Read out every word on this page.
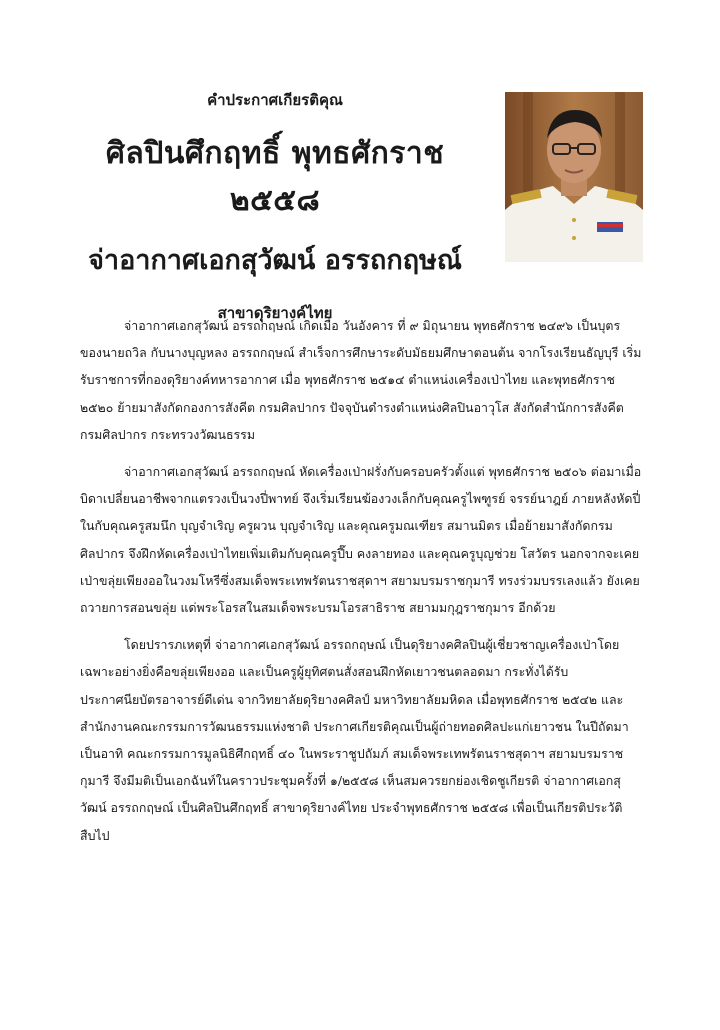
คำประกาศเกียรติคุณ

ศิลปินศึกฤทธิ์ พุทธศักราช ๒๕๕๘

จ่าอากาศเอกสุวัฒน์ อรรถกฤษณ์

สาขาดุริยางค์ไทย

จ่าอากาศเอกสุวัฒน์ อรรถกฤษณ์ เกิดเมื่อ วันอังคาร ที่ ๙ มิถุนายน พุทธศักราช ๒๔๙๖ เป็นบุตรของนายถวิล กับนางบุญหลง อรรถกฤษณ์ สำเร็จการศึกษาระดับมัธยมศึกษาตอนต้น จากโรงเรียนธัญบุรี เริ่มรับราชการที่กองดุริยางค์ทหารอากาศ เมื่อ พุทธศักราช ๒๕๑๔ ตำแหน่งเครื่องเป่าไทย และพุทธศักราช ๒๕๒๐ ย้ายมาสังกัดกองการสังคีต กรมศิลปากร ปัจจุบันดำรงตำแหน่งศิลปินอาวุโส สังกัดสำนักการสังคีต กรมศิลปากร กระทรวงวัฒนธรรม

จ่าอากาศเอกสุวัฒน์ อรรถกฤษณ์ หัดเครื่องเป่าฝรั่งกับครอบครัวตั้งแต่ พุทธศักราช ๒๕๐๖ ต่อมาเมื่อบิดาเปลี่ยนอาชีพจากแตรวงเป็นวงปี่พาทย์ จึงเริ่มเรียนฆ้องวงเล็กกับคุณครูไพฑูรย์ จรรย์นาฎย์ ภายหลังหัดปี่ในกับคุณครูสมนึก บุญจำเริญ ครูผวน บุญจำเริญ และคุณครูมณเฑียร สมานมิตร เมื่อย้ายมาสังกัดกรมศิลปากร จึงฝึกหัดเครื่องเป่าไทยเพิ่มเติมกับคุณครูปี๊บ คงลายทอง และคุณครูบุญช่วย โสวัตร นอกจากจะเคยเป่าขลุ่ยเพียงออในวงมโหรีซึ่งสมเด็จพระเทพรัตนราชสุดาฯ สยามบรมราชกุมารี ทรงร่วมบรรเลงแล้ว ยังเคยถวายการสอนขลุ่ย แด่พระโอรสในสมเด็จพระบรมโอรสาธิราช สยามมกุฎราชกุมาร อีกด้วย

โดยปรารภเหตุที่ จ่าอากาศเอกสุวัฒน์ อรรถกฤษณ์ เป็นดุริยางคศิลปินผู้เชี่ยวชาญเครื่องเป่าโดยเฉพาะอย่างยิ่งคือขลุ่ยเพียงออ และเป็นครูผู้ยุทิศตนสั่งสอนฝึกหัดเยาวชนตลอดมา กระทั่งได้รับประกาศนียบัตรอาจารย์ดีเด่น จากวิทยาลัยดุริยางคศิลป์ มหาวิทยาลัยมหิดล เมื่อพุทธศักราช ๒๕๔๒ และสำนักงานคณะกรรมการวัฒนธรรมแห่งชาติ ประกาศเกียรติคุณเป็นผู้ถ่ายทอดศิลปะแก่เยาวชน ในปีถัดมา เป็นอาทิ คณะกรรมการมูลนิธิศึกฤทธิ์ ๔๐ ในพระราชูปถัมภ์ สมเด็จพระเทพรัตนราชสุดาฯ สยามบรมราชกุมารี จึงมีมติเป็นเอกฉันท์ในคราวประชุมครั้งที่ ๑/๒๕๕๘ เห็นสมควรยกย่องเชิดชูเกียรติ จ่าอากาศเอกสุวัฒน์ อรรถกฤษณ์ เป็นศิลปินศึกฤทธิ์ สาขาดุริยางค์ไทย ประจำพุทธศักราช ๒๕๕๘ เพื่อเป็นเกียรติประวัติสืบไป
